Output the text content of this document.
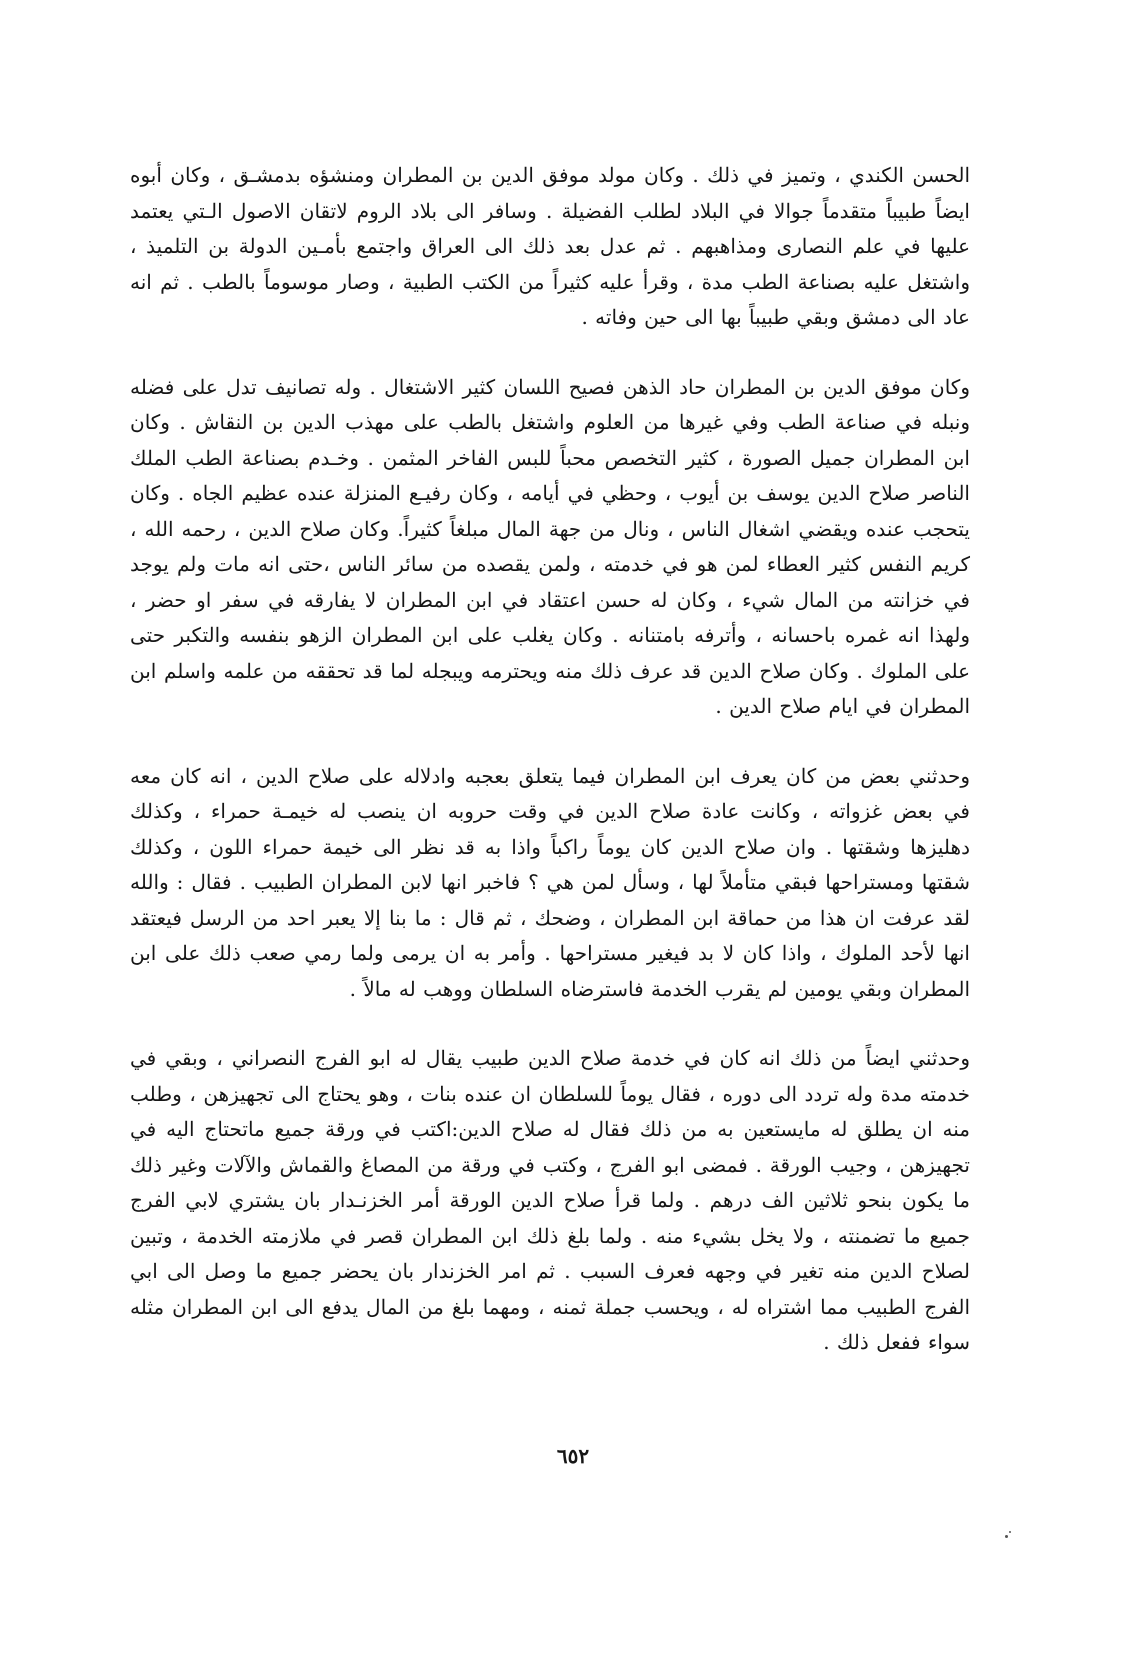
الحسن الكندي ، وتميز في ذلك . وكان مولد موفق الدين بن المطران ومنشؤه بدمشـق ، وكان أبوه ايضاً طبيباً متقدماً جوالا في البلاد لطلب الفضيلة . وسافر الى بلاد الروم لاتقان الاصول الـتي يعتمد عليها في علم النصارى ومذاهبهم . ثم عدل بعد ذلك الى العراق واجتمع بأمـين الدولة بن التلميذ ، واشتغل عليه بصناعة الطب مدة ، وقرأ عليه كثيراً من الكتب الطبية ، وصار موسوماً بالطب . ثم انه عاد الى دمشق وبقي طبيباً بها الى حين وفاته .

وكان موفق الدين بن المطران حاد الذهن فصيح اللسان كثير الاشتغال . وله تصانيف تدل على فضله ونبله في صناعة الطب وفي غيرها من العلوم واشتغل بالطب على مهذب الدين بن النقاش . وكان ابن المطران جميل الصورة ، كثير التخصص محباً للبس الفاخر المثمن . وخـدم بصناعة الطب الملك الناصر صلاح الدين يوسف بن أيوب ، وحظي في أيامه ، وكان رفيـع المنزلة عنده عظيم الجاه . وكان يتحجب عنده ويقضي اشغال الناس ، ونال من جهة المال مبلغاً كثيراً. وكان صلاح الدين ، رحمه الله ، كريم النفس كثير العطاء لمن هو في خدمته ، ولمن يقصده من سائر الناس ،حتى انه مات ولم يوجد في خزانته من المال شيء ، وكان له حسن اعتقاد في ابن المطران لا يفارقه في سفر او حضر ، ولهذا انه غمره باحسانه ، وأترفه بامتنانه . وكان يغلب على ابن المطران الزهو بنفسه والتكبر حتى على الملوك . وكان صلاح الدين قد عرف ذلك منه ويحترمه ويبجله لما قد تحققه من علمه واسلم ابن المطران في ايام صلاح الدين .

وحدثني بعض من كان يعرف ابن المطران فيما يتعلق بعجبه وادلاله على صلاح الدين ، انه كان معه في بعض غزواته ، وكانت عادة صلاح الدين في وقت حروبه ان ينصب له خيمـة حمراء ، وكذلك دهليزها وشقتها . وان صلاح الدين كان يوماً راكباً واذا به قد نظر الى خيمة حمراء اللون ، وكذلك شقتها ومستراحها فبقي متأملاً لها ، وسأل لمن هي ؟ فاخبر انها لابن المطران الطبيب . فقال : والله لقد عرفت ان هذا من حماقة ابن المطران ، وضحك ، ثم قال : ما بنا إلا يعبر احد من الرسل فيعتقد انها لأحد الملوك ، واذا كان لا بد فيغير مستراحها . وأمر به ان يرمى ولما رمي صعب ذلك على ابن المطران وبقي يومين لم يقرب الخدمة فاسترضاه السلطان ووهب له مالاً .

وحدثني ايضاً من ذلك انه كان في خدمة صلاح الدين طبيب يقال له ابو الفرج النصراني ، وبقي في خدمته مدة وله تردد الى دوره ، فقال يوماً للسلطان ان عنده بنات ، وهو يحتاج الى تجهيزهن ، وطلب منه ان يطلق له مايستعين به من ذلك فقال له صلاح الدين:اكتب في ورقة جميع ماتحتاج اليه في تجهيزهن ، وجيب الورقة . فمضى ابو الفرج ، وكتب في ورقة من المصاغ والقماش والآلات وغير ذلك ما يكون بنحو ثلاثين الف درهم . ولما قرأ صلاح الدين الورقة أمر الخزنـدار بان يشتري لابي الفرج جميع ما تضمنته ، ولا يخل بشيء منه . ولما بلغ ذلك ابن المطران قصر في ملازمته الخدمة ، وتبين لصلاح الدين منه تغير في وجهه فعرف السبب . ثم امر الخزندار بان يحضر جميع ما وصل الى ابي الفرج الطبيب مما اشتراه له ، ويحسب جملة ثمنه ، ومهما بلغ من المال يدفع الى ابن المطران مثله سواء ففعل ذلك .

٦٥٢
